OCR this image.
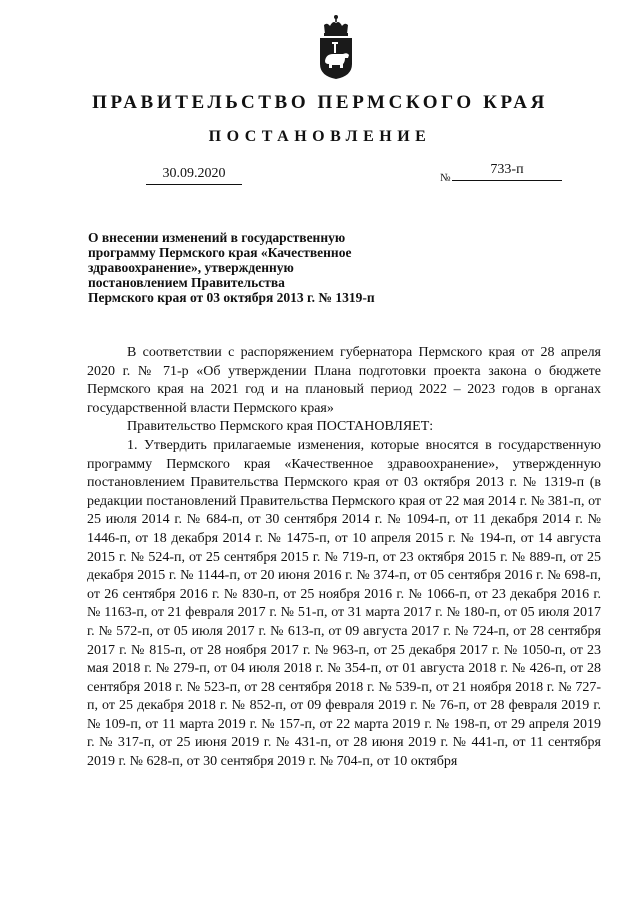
ПРАВИТЕЛЬСТВО ПЕРМСКОГО КРАЯ
ПОСТАНОВЛЕНИЕ
30.09.2020	№
733-п
О внесении изменений в государственную
программу Пермского края «Качественное
здравоохранение», утвержденную
постановлением Правительства
Пермского края от 03 октября 2013 г. № 1319-п

В соответствии с распоряжением губернатора Пермского края от 28 апреля 2020 г. № 71-р «Об утверждении Плана подготовки проекта закона о бюджете Пермского края на 2021 год и на плановый период 2022 – 2023 годов в органах государственной власти Пермского края»

Правительство Пермского края ПОСТАНОВЛЯЕТ:

1. Утвердить прилагаемые изменения, которые вносятся в государственную программу Пермского края «Качественное здравоохранение», утвержденную постановлением Правительства Пермского края от 03 октября 2013 г. № 1319-п (в редакции постановлений Правительства Пермского края от 22 мая 2014 г. № 381-п, от 25 июля 2014 г. № 684-п, от 30 сентября 2014 г. № 1094-п, от 11 декабря 2014 г. № 1446-п, от 18 декабря 2014 г. № 1475-п, от 10 апреля 2015 г. № 194-п, от 14 августа 2015 г. № 524-п, от 25 сентября 2015 г. № 719-п, от 23 октября 2015 г. № 889-п, от 25 декабря 2015 г. № 1144-п, от 20 июня 2016 г. № 374-п, от 05 сентября 2016 г. № 698-п, от 26 сентября 2016 г. № 830-п, от 25 ноября 2016 г. № 1066-п, от 23 декабря 2016 г. № 1163-п, от 21 февраля 2017 г. № 51-п, от 31 марта 2017 г. № 180-п, от 05 июля 2017 г. № 572-п, от 05 июля 2017 г. № 613-п, от 09 августа 2017 г. № 724-п, от 28 сентября 2017 г. № 815-п, от 28 ноября 2017 г. № 963-п, от 25 декабря 2017 г. № 1050-п, от 23 мая 2018 г. № 279-п, от 04 июля 2018 г. № 354-п, от 01 августа 2018 г. № 426-п, от 28 сентября 2018 г. № 523-п, от 28 сентября 2018 г. № 539-п, от 21 ноября 2018 г. № 727-п, от 25 декабря 2018 г. № 852-п, от 09 февраля 2019 г. № 76-п, от 28 февраля 2019 г. № 109-п, от 11 марта 2019 г. № 157-п, от 22 марта 2019 г. № 198-п, от 29 апреля 2019 г. № 317-п, от 25 июня 2019 г. № 431-п, от 28 июня 2019 г. № 441-п, от 11 сентября 2019 г. № 628-п, от 30 сентября 2019 г. № 704-п, от 10 октября
